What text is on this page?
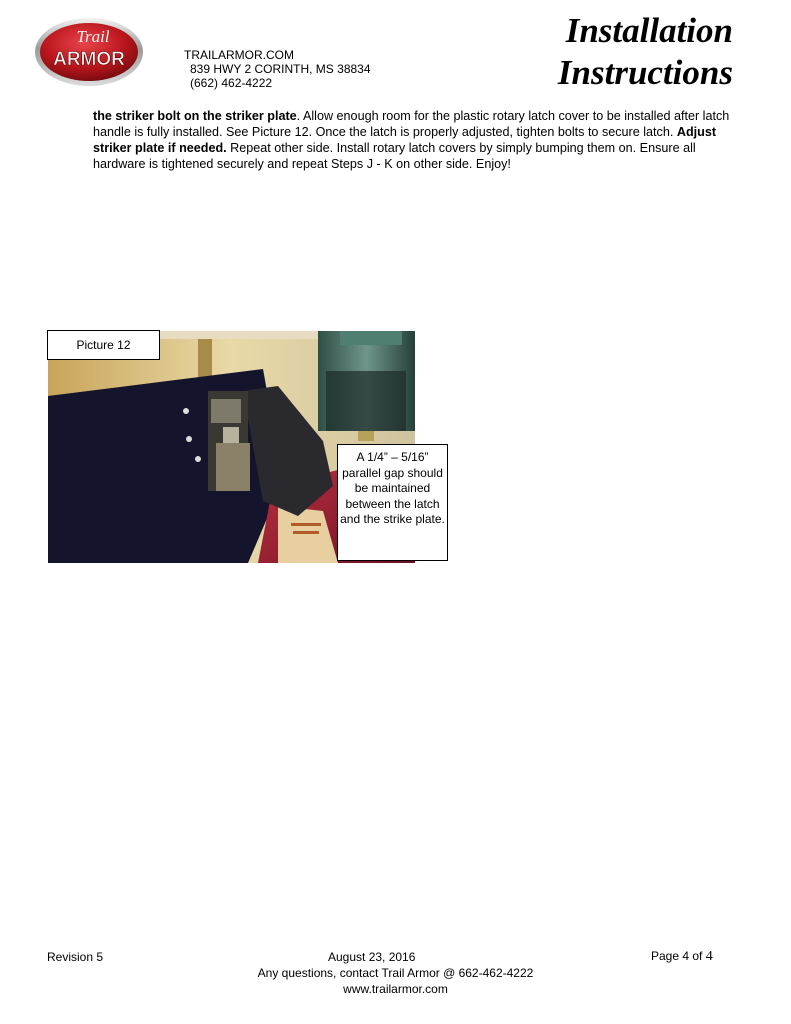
Trail
ARMOR	TRAILARMOR.COM
839 HWY 2 CORINTH, MS 38834
(662) 462-4222
Installation
Instructions
the striker bolt on the striker plate. Allow enough room for the plastic rotary latch cover to be installed after latch handle is fully installed. See Picture 12. Once the latch is properly adjusted, tighten bolts to secure latch. Adjust striker plate if needed. Repeat other side. Install rotary latch covers by simply bumping them on. Ensure all hardware is tightened securely and repeat Steps J - K on other side. Enjoy!
Picture 12
A 1/4” – 5/16” parallel gap should be maintained between the latch and the strike plate.
Revision 5	August 23, 2016	Page 4 of 4
Any questions, contact Trail Armor @ 662-462-4222
www.trailarmor.com
